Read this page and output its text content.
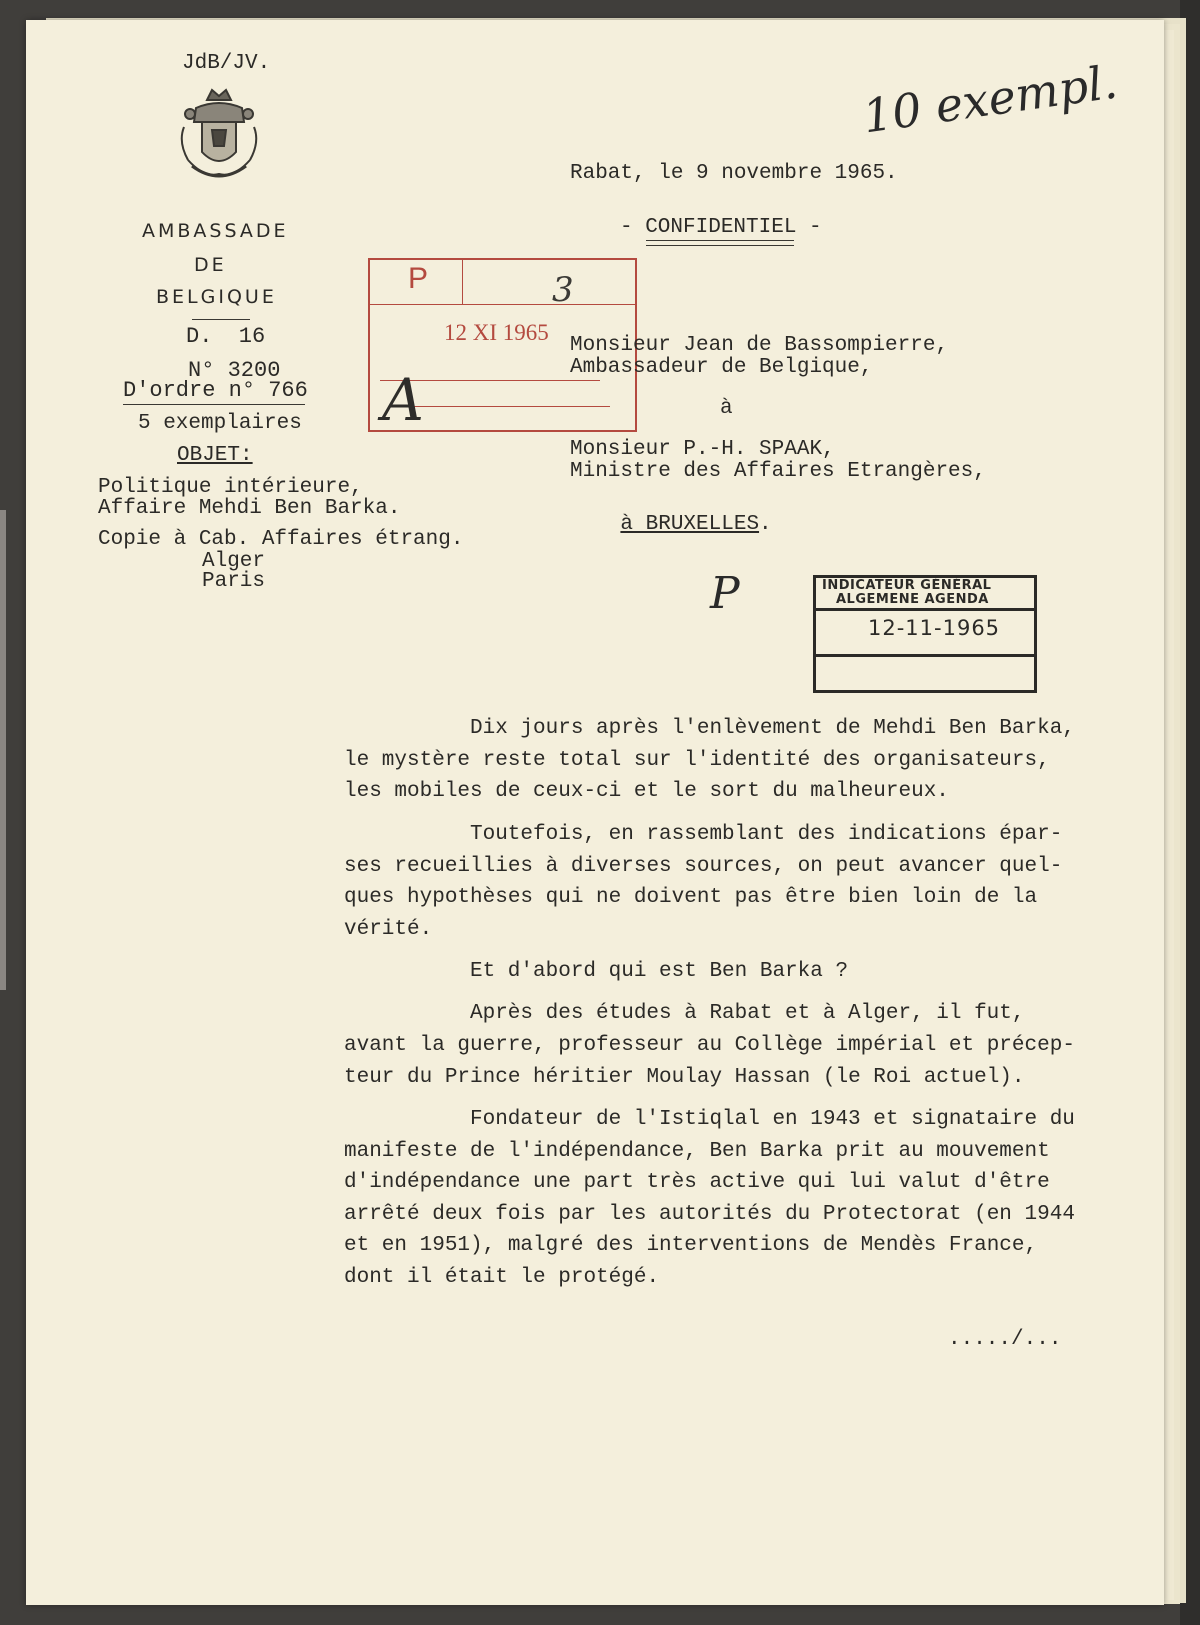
JdB/JV.
AMBASSADE
DE
BELGIQUE
D.  16
N° 3200
D'ordre n° 766
5 exemplaires
OBJET:
Politique intérieure,
Affaire Mehdi Ben Barka.
Copie à Cab. Affaires étrang.
Alger
Paris
10 exempl.
Rabat, le 9 novembre 1965.
- CONFIDENTIEL -
P	3
12 XI 1965
A
Monsieur Jean de Bassompierre,
Ambassadeur de Belgique,
à
Monsieur P.-H. SPAAK,
Ministre des Affaires Etrangères,

à BRUXELLES.

P	INDICATEUR GÉNÉRAL
ALGEMENE AGENDA
12-11-1965
Dix jours après l'enlèvement de Mehdi Ben Barka,
le mystère reste total sur l'identité des organisateurs,
les mobiles de ceux-ci et le sort du malheureux.
Toutefois, en rassemblant des indications épar-
ses recueillies à diverses sources, on peut avancer quel-
ques hypothèses qui ne doivent pas être bien loin de la
vérité.
Et d'abord qui est Ben Barka ?
Après des études à Rabat et à Alger, il fut,
avant la guerre, professeur au Collège impérial et précep-
teur du Prince héritier Moulay Hassan (le Roi actuel).
Fondateur de l'Istiqlal en 1943 et signataire du
manifeste de l'indépendance, Ben Barka prit au mouvement
d'indépendance une part très active qui lui valut d'être
arrêté deux fois par les autorités du Protectorat (en 1944
et en 1951), malgré des interventions de Mendès France,
dont il était le protégé.
...../...
